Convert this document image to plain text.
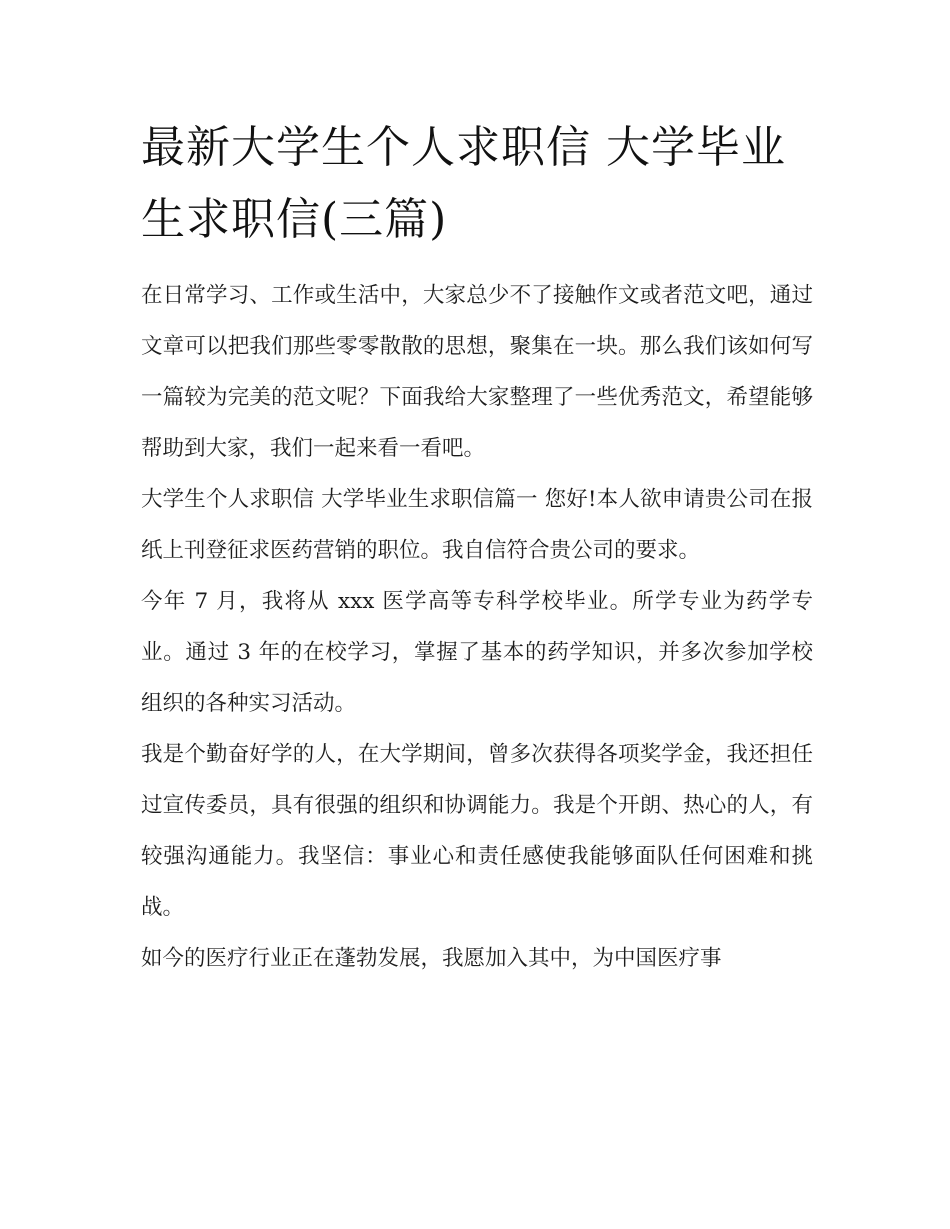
最新大学生个人求职信 大学毕业生求职信(三篇)

在日常学习、工作或生活中，大家总少不了接触作文或者范文吧，通过文章可以把我们那些零零散散的思想，聚集在一块。那么我们该如何写一篇较为完美的范文呢？下面我给大家整理了一些优秀范文，希望能够帮助到大家，我们一起来看一看吧。

大学生个人求职信 大学毕业生求职信篇一 您好!本人欲申请贵公司在报纸上刊登征求医药营销的职位。我自信符合贵公司的要求。

今年 7 月，我将从 xxx 医学高等专科学校毕业。所学专业为药学专业。通过 3 年的在校学习，掌握了基本的药学知识，并多次参加学校组织的各种实习活动。

我是个勤奋好学的人，在大学期间，曾多次获得各项奖学金，我还担任过宣传委员，具有很强的组织和协调能力。我是个开朗、热心的人，有较强沟通能力。我坚信：事业心和责任感使我能够面队任何困难和挑战。

如今的医疗行业正在蓬勃发展，我愿加入其中，为中国医疗事
